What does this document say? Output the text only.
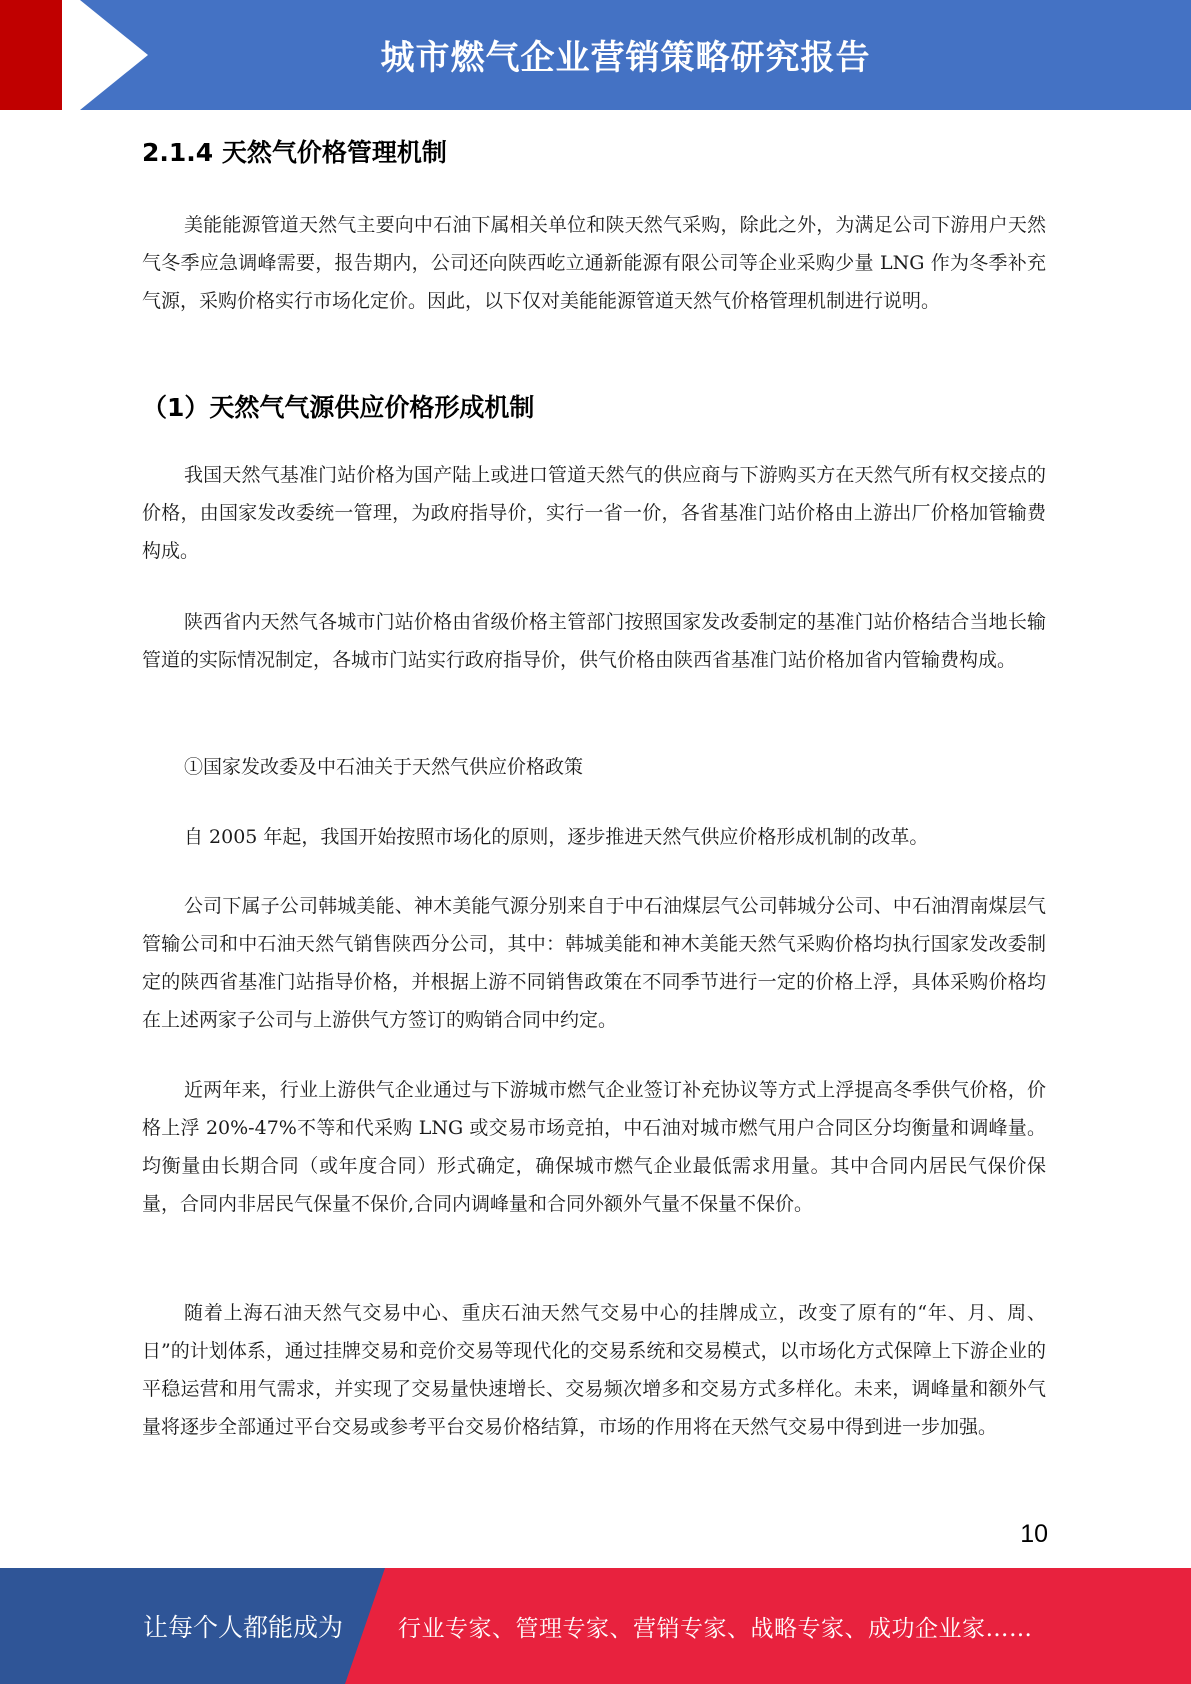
城市燃气企业营销策略研究报告
2.1.4 天然气价格管理机制

美能能源管道天然气主要向中石油下属相关单位和陕天然气采购，除此之外，为满足公司下游用户天然气冬季应急调峰需要，报告期内，公司还向陕西屹立通新能源有限公司等企业采购少量 LNG 作为冬季补充气源，采购价格实行市场化定价。因此，以下仅对美能能源管道天然气价格管理机制进行说明。

（1）天然气气源供应价格形成机制

我国天然气基准门站价格为国产陆上或进口管道天然气的供应商与下游购买方在天然气所有权交接点的价格，由国家发改委统一管理，为政府指导价，实行一省一价，各省基准门站价格由上游出厂价格加管输费构成。

陕西省内天然气各城市门站价格由省级价格主管部门按照国家发改委制定的基准门站价格结合当地长输管道的实际情况制定，各城市门站实行政府指导价，供气价格由陕西省基准门站价格加省内管输费构成。

①国家发改委及中石油关于天然气供应价格政策

自 2005 年起，我国开始按照市场化的原则，逐步推进天然气供应价格形成机制的改革。

公司下属子公司韩城美能、神木美能气源分别来自于中石油煤层气公司韩城分公司、中石油渭南煤层气管输公司和中石油天然气销售陕西分公司，其中：韩城美能和神木美能天然气采购价格均执行国家发改委制定的陕西省基准门站指导价格，并根据上游不同销售政策在不同季节进行一定的价格上浮，具体采购价格均在上述两家子公司与上游供气方签订的购销合同中约定。

近两年来，行业上游供气企业通过与下游城市燃气企业签订补充协议等方式上浮提高冬季供气价格，价格上浮 20%-47%不等和代采购 LNG 或交易市场竞拍，中石油对城市燃气用户合同区分均衡量和调峰量。均衡量由长期合同（或年度合同）形式确定，确保城市燃气企业最低需求用量。其中合同内居民气保价保量，合同内非居民气保量不保价,合同内调峰量和合同外额外气量不保量不保价。

随着上海石油天然气交易中心、重庆石油天然气交易中心的挂牌成立，改变了原有的“年、月、周、日”的计划体系，通过挂牌交易和竞价交易等现代化的交易系统和交易模式，以市场化方式保障上下游企业的平稳运营和用气需求，并实现了交易量快速增长、交易频次增多和交易方式多样化。未来，调峰量和额外气量将逐步全部通过平台交易或参考平台交易价格结算，市场的作用将在天然气交易中得到进一步加强。

10
让每个人都能成为 行业专家、管理专家、营销专家、战略专家、成功企业家……
